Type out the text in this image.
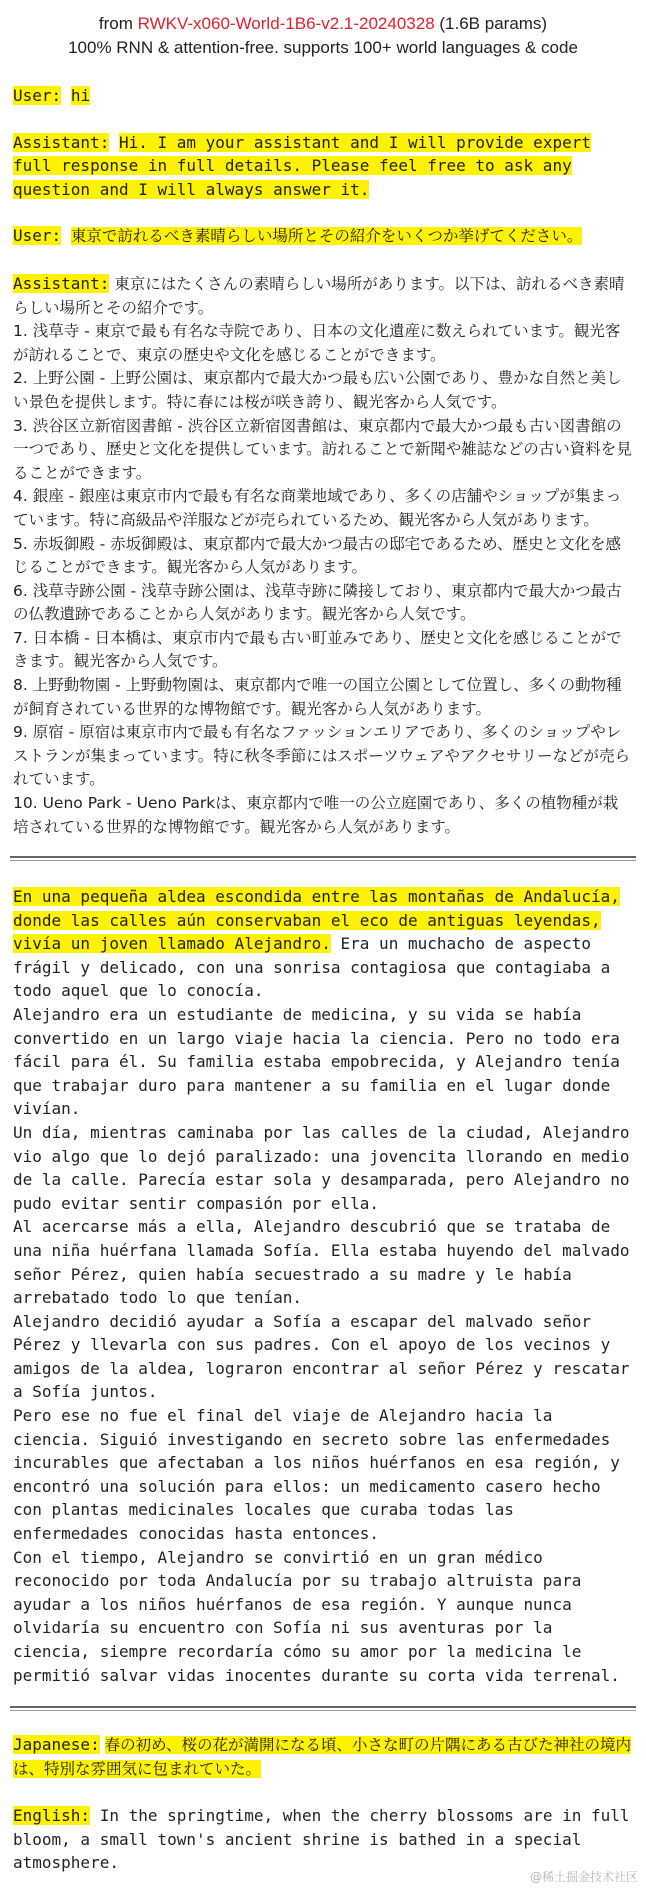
from RWKV-x060-World-1B6-v2.1-20240328 (1.6B params)
100% RNN & attention-free. supports 100+ world languages & code

User: hi

Assistant: Hi. I am your assistant and I will provide expert full response in full details. Please feel free to ask any question and I will always answer it.

User: 東京で訪れるべき素晴らしい場所とその紹介をいくつか挙げてください。

Assistant: 東京にはたくさんの素晴らしい場所があります。以下は、訪れるべき素晴らしい場所とその紹介です。

1. 浅草寺 - 東京で最も有名な寺院であり、日本の文化遺産に数えられています。観光客が訪れることで、東京の歴史や文化を感じることができます。

2. 上野公園 - 上野公園は、東京都内で最大かつ最も広い公園であり、豊かな自然と美しい景色を提供します。特に春には桜が咲き誇り、観光客から人気です。

3. 渋谷区立新宿図書館 - 渋谷区立新宿図書館は、東京都内で最大かつ最も古い図書館の一つであり、歴史と文化を提供しています。訪れることで新聞や雑誌などの古い資料を見ることができます。

4. 銀座 - 銀座は東京市内で最も有名な商業地域であり、多くの店舗やショップが集まっています。特に高級品や洋服などが売られているため、観光客から人気があります。

5. 赤坂御殿 - 赤坂御殿は、東京都内で最大かつ最古の邸宅であるため、歴史と文化を感じることができます。観光客から人気があります。

6. 浅草寺跡公園 - 浅草寺跡公園は、浅草寺跡に隣接しており、東京都内で最大かつ最古の仏教遺跡であることから人気があります。観光客から人気です。

7. 日本橋 - 日本橋は、東京市内で最も古い町並みであり、歴史と文化を感じることができます。観光客から人気です。

8. 上野動物園 - 上野動物園は、東京都内で唯一の国立公園として位置し、多くの動物種が飼育されている世界的な博物館です。観光客から人気があります。

9. 原宿 - 原宿は東京市内で最も有名なファッションエリアであり、多くのショップやレストランが集まっています。特に秋冬季節にはスポーツウェアやアクセサリーなどが売られています。

10. Ueno Park - Ueno Parkは、東京都内で唯一の公立庭園であり、多くの植物種が栽培されている世界的な博物館です。観光客から人気があります。

En una pequeña aldea escondida entre las montañas de Andalucía, donde las calles aún conservaban el eco de antiguas leyendas, vivía un joven llamado Alejandro. Era un muchacho de aspecto frágil y delicado, con una sonrisa contagiosa que contagiaba a todo aquel que lo conocía.

Alejandro era un estudiante de medicina, y su vida se había convertido en un largo viaje hacia la ciencia. Pero no todo era fácil para él. Su familia estaba empobrecida, y Alejandro tenía que trabajar duro para mantener a su familia en el lugar donde vivían.

Un día, mientras caminaba por las calles de la ciudad, Alejandro vio algo que lo dejó paralizado: una jovencita llorando en medio de la calle. Parecía estar sola y desamparada, pero Alejandro no pudo evitar sentir compasión por ella.

Al acercarse más a ella, Alejandro descubrió que se trataba de una niña huérfana llamada Sofía. Ella estaba huyendo del malvado señor Pérez, quien había secuestrado a su madre y le había arrebatado todo lo que tenían.

Alejandro decidió ayudar a Sofía a escapar del malvado señor Pérez y llevarla con sus padres. Con el apoyo de los vecinos y amigos de la aldea, lograron encontrar al señor Pérez y rescatar a Sofía juntos.

Pero ese no fue el final del viaje de Alejandro hacia la ciencia. Siguió investigando en secreto sobre las enfermedades incurables que afectaban a los niños huérfanos en esa región, y encontró una solución para ellos: un medicamento casero hecho con plantas medicinales locales que curaba todas las enfermedades conocidas hasta entonces.

Con el tiempo, Alejandro se convirtió en un gran médico reconocido por toda Andalucía por su trabajo altruista para ayudar a los niños huérfanos de esa región. Y aunque nunca olvidaría su encuentro con Sofía ni sus aventuras por la ciencia, siempre recordaría cómo su amor por la medicina le permitió salvar vidas inocentes durante su corta vida terrenal.

Japanese: 春の初め、桜の花が満開になる頃、小さな町の片隅にある古びた神社の境内は、特別な雰囲気に包まれていた。

English: In the springtime, when the cherry blossoms are in full bloom, a small town's ancient shrine is bathed in a special atmosphere.

@稀土掘金技术社区
